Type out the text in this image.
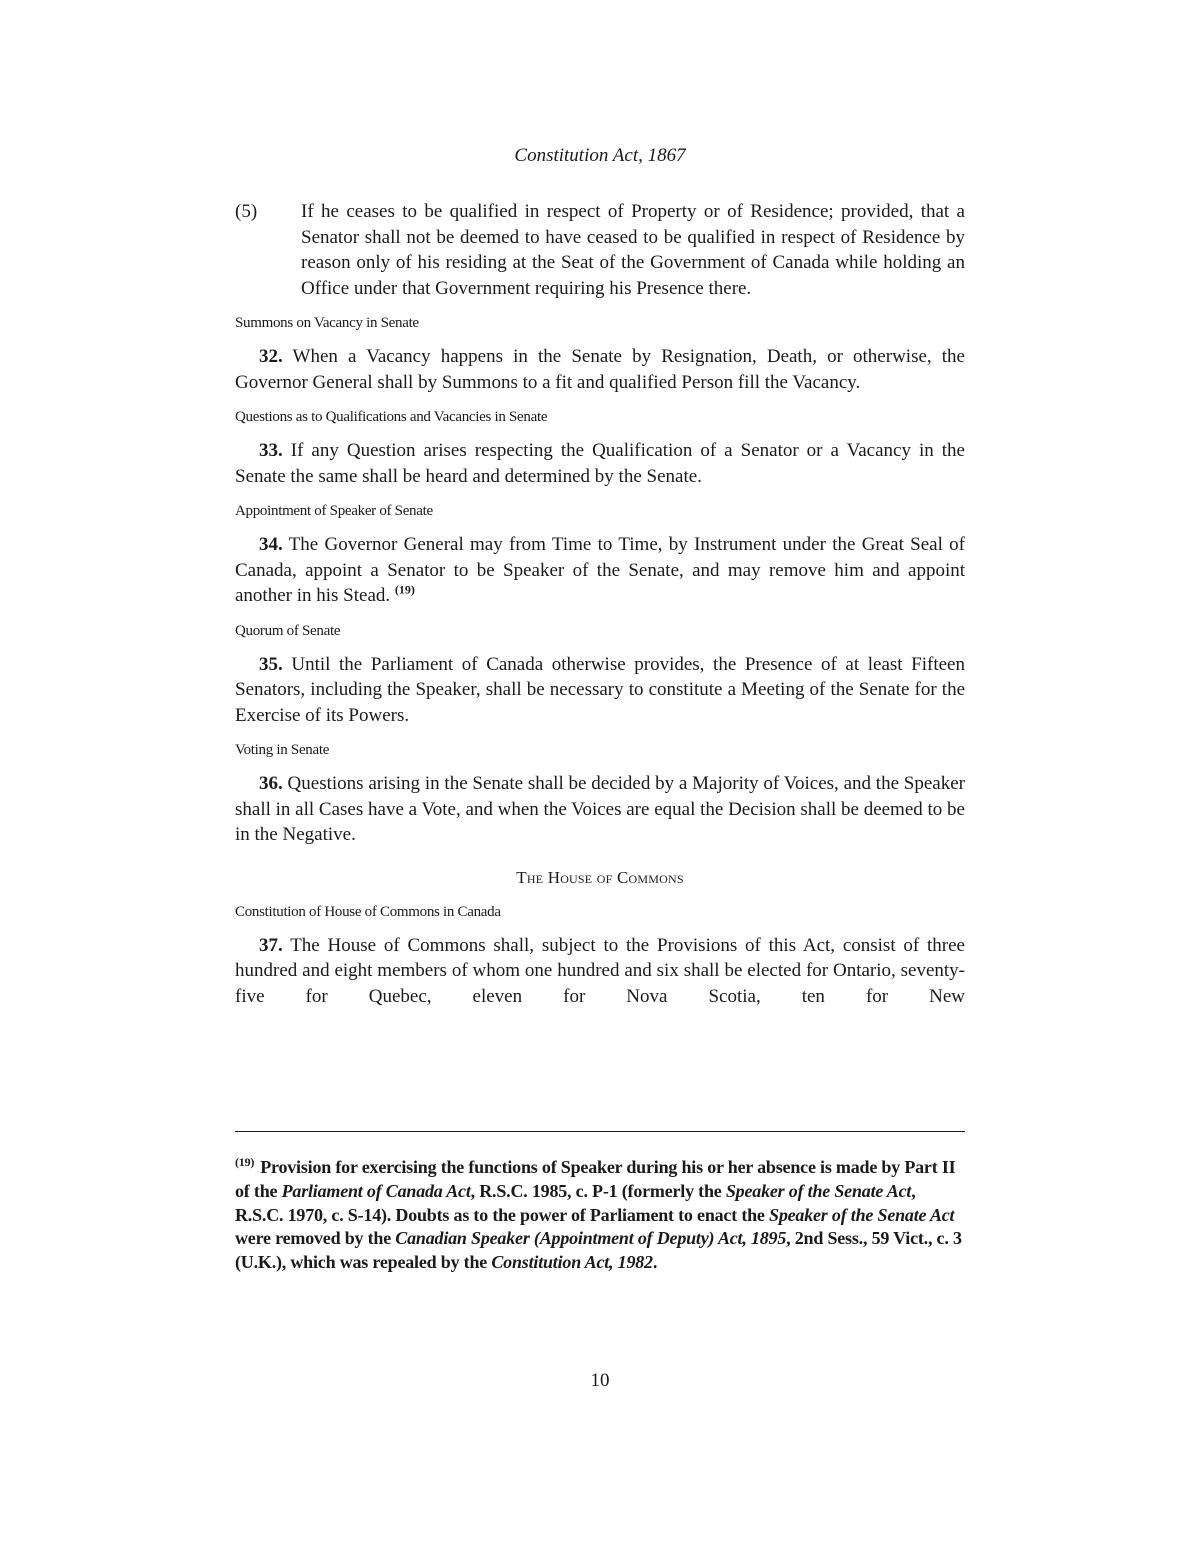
Constitution Act, 1867
(5)	If he ceases to be qualified in respect of Property or of Residence; provided, that a Senator shall not be deemed to have ceased to be qualified in respect of Residence by reason only of his residing at the Seat of the Government of Canada while holding an Office under that Government requiring his Presence there.
Summons on Vacancy in Senate

32. When a Vacancy happens in the Senate by Resignation, Death, or otherwise, the Governor General shall by Summons to a fit and qualified Person fill the Vacancy.

Questions as to Qualifications and Vacancies in Senate

33. If any Question arises respecting the Qualification of a Senator or a Vacancy in the Senate the same shall be heard and determined by the Senate.

Appointment of Speaker of Senate

34. The Governor General may from Time to Time, by Instrument under the Great Seal of Canada, appoint a Senator to be Speaker of the Senate, and may remove him and appoint another in his Stead. $^{(19)}$

Quorum of Senate

35. Until the Parliament of Canada otherwise provides, the Presence of at least Fifteen Senators, including the Speaker, shall be necessary to constitute a Meeting of the Senate for the Exercise of its Powers.

Voting in Senate

36. Questions arising in the Senate shall be decided by a Majority of Voices, and the Speaker shall in all Cases have a Vote, and when the Voices are equal the Decision shall be deemed to be in the Negative.

The House of Commons
Constitution of House of Commons in Canada

37. The House of Commons shall, subject to the Provisions of this Act, consist of three hundred and eight members of whom one hundred and six shall be elected for Ontario, seventy-five for Quebec, eleven for Nova Scotia, ten for New

$^{(19)}$ Provision for exercising the functions of Speaker during his or her absence is made by Part II of the Parliament of Canada Act, R.S.C. 1985, c. P-1 (formerly the Speaker of the Senate Act, R.S.C. 1970, c. S-14). Doubts as to the power of Parliament to enact the Speaker of the Senate Act were removed by the Canadian Speaker (Appointment of Deputy) Act, 1895, 2nd Sess., 59 Vict., c. 3 (U.K.), which was repealed by the Constitution Act, 1982.
10
